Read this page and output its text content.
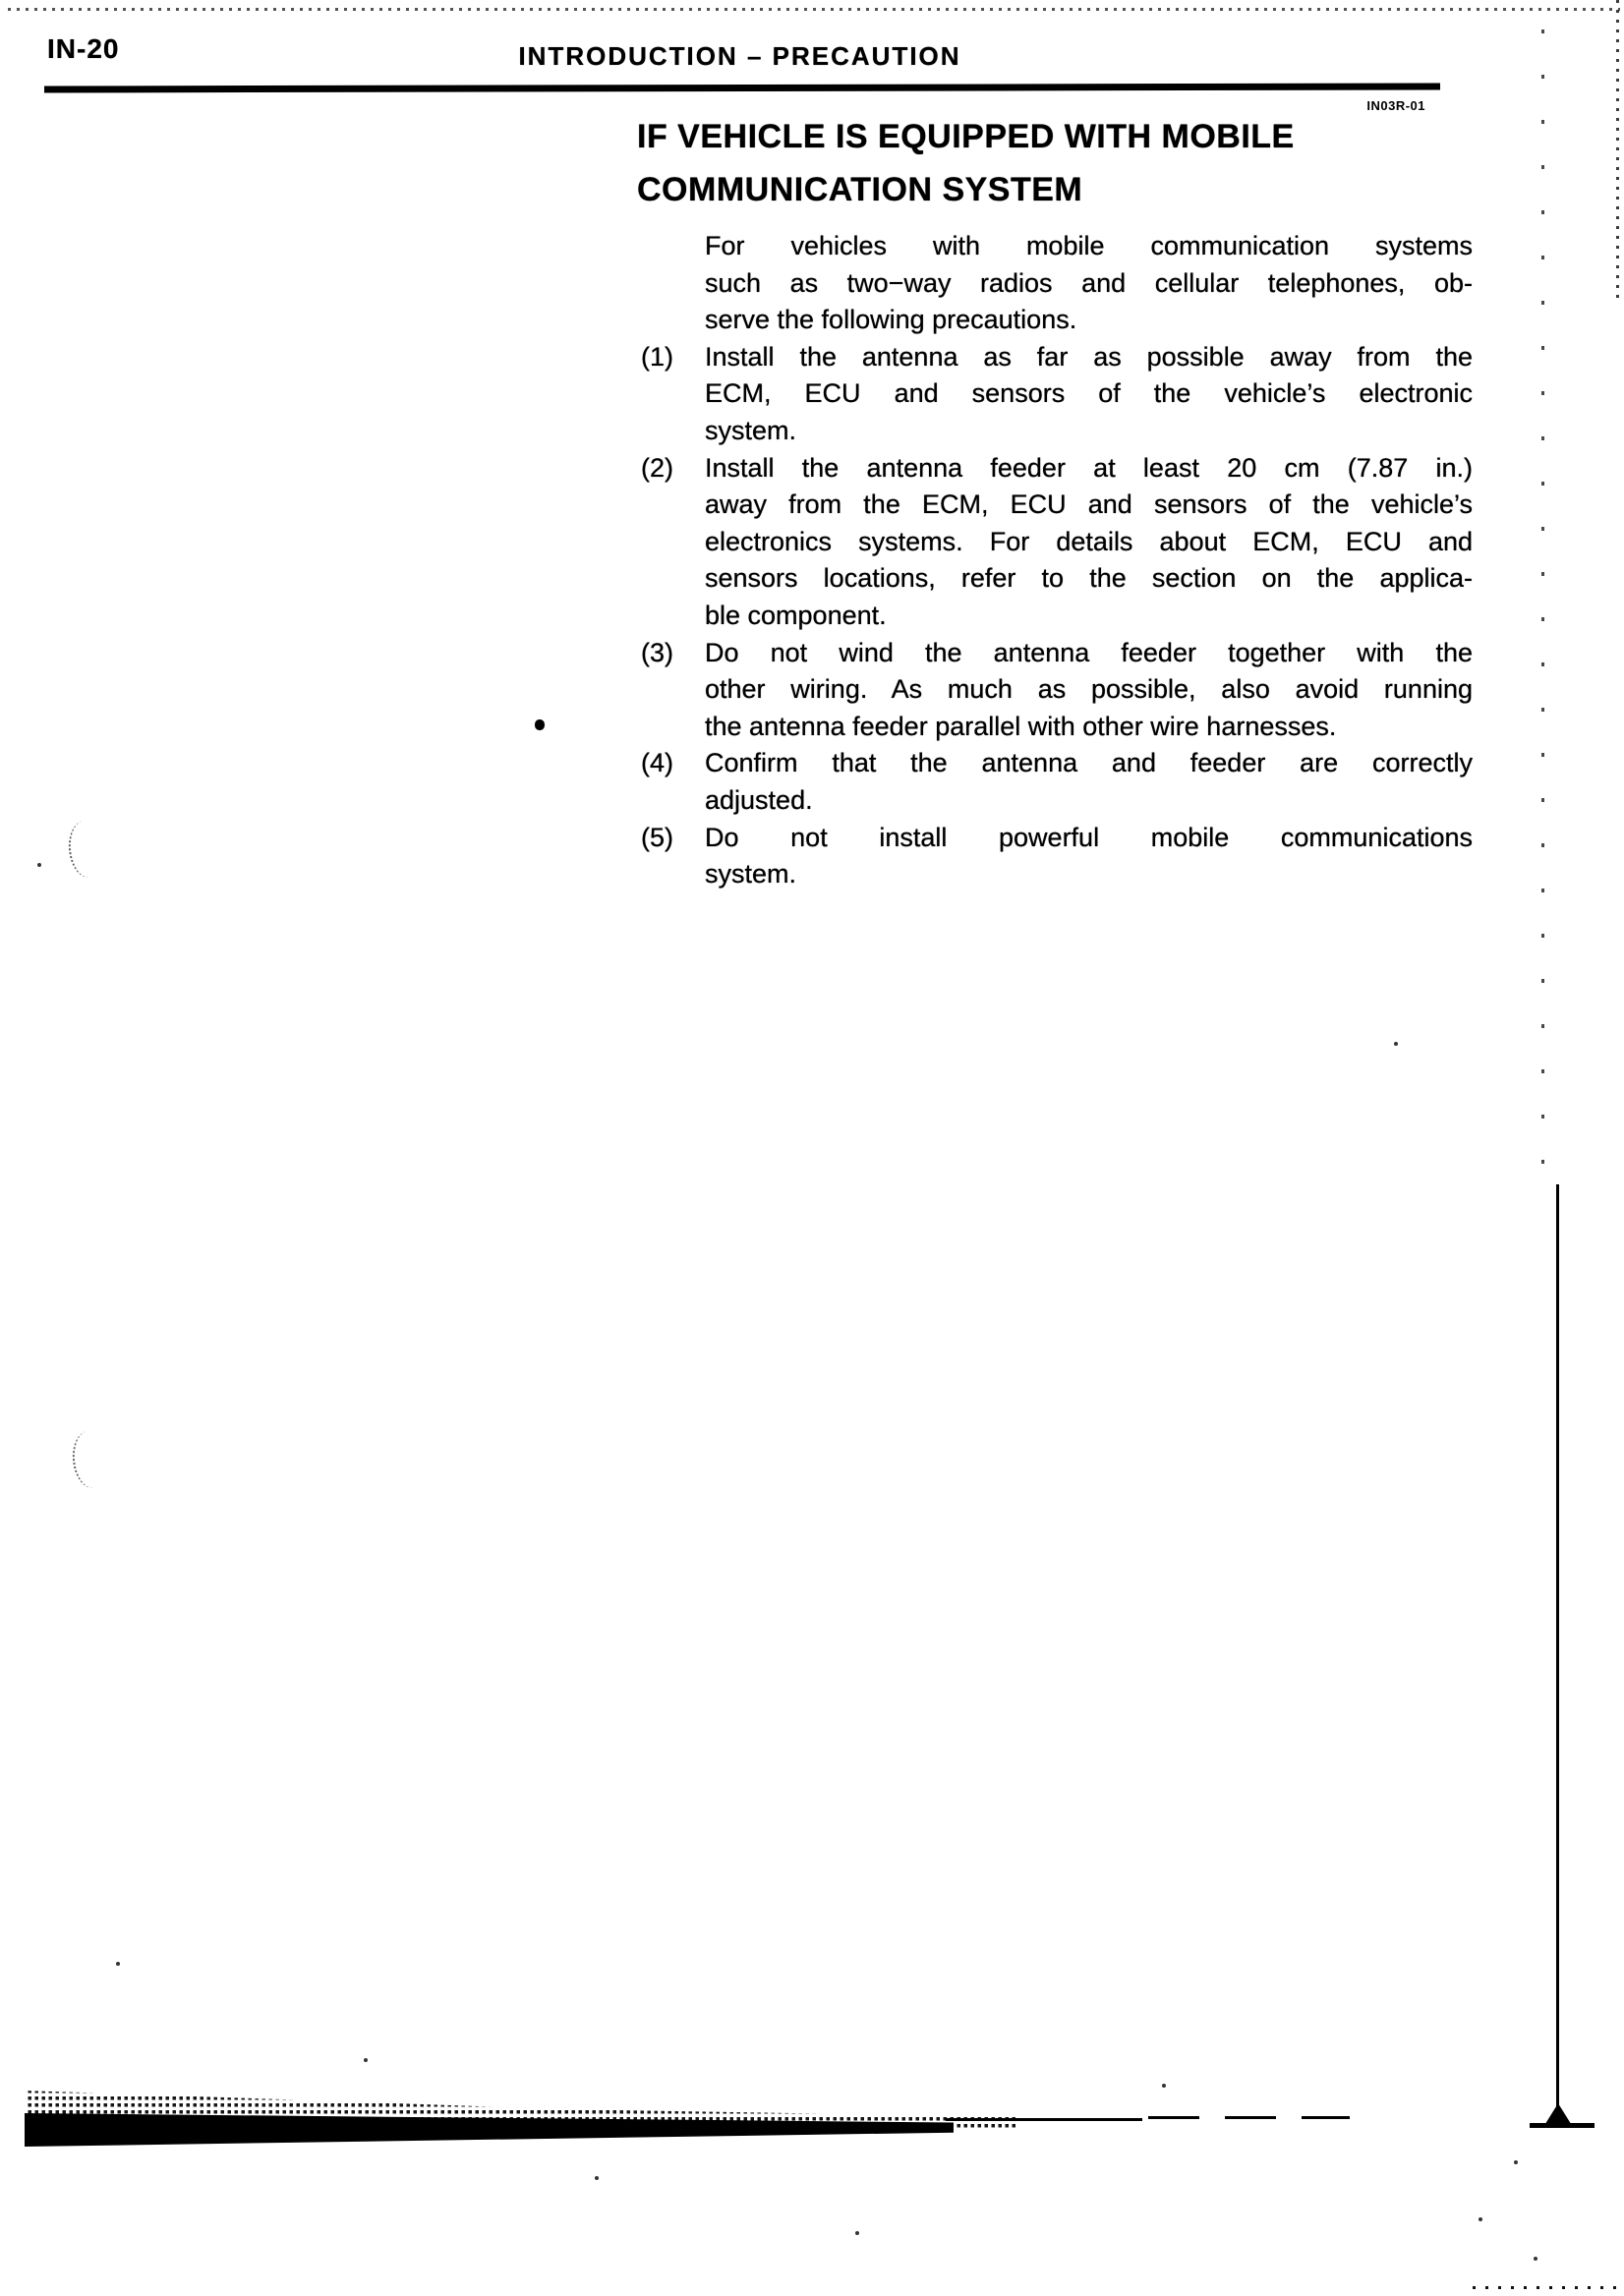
IN-20	INTRODUCTION – PRECAUTION
IN03R-01
IF VEHICLE IS EQUIPPED WITH MOBILE
COMMUNICATION SYSTEM
For vehicles with mobile communication systems
such as two−way radios and cellular telephones, ob-
serve the following precautions.
(1)	Install the antenna as far as possible away from the
ECM, ECU and sensors of the vehicle’s electronic
system.
(2)	Install the antenna feeder at least 20 cm (7.87 in.)
away from the ECM, ECU and sensors of the vehicle’s
electronics systems. For details about ECM, ECU and
sensors locations, refer to the section on the applica-
ble component.
(3)	Do not wind the antenna feeder together with the
other wiring. As much as possible, also avoid running
the antenna feeder parallel with other wire harnesses.
(4)	Confirm that the antenna and feeder are correctly
adjusted.
(5)	Do not install powerful mobile communications
system.
